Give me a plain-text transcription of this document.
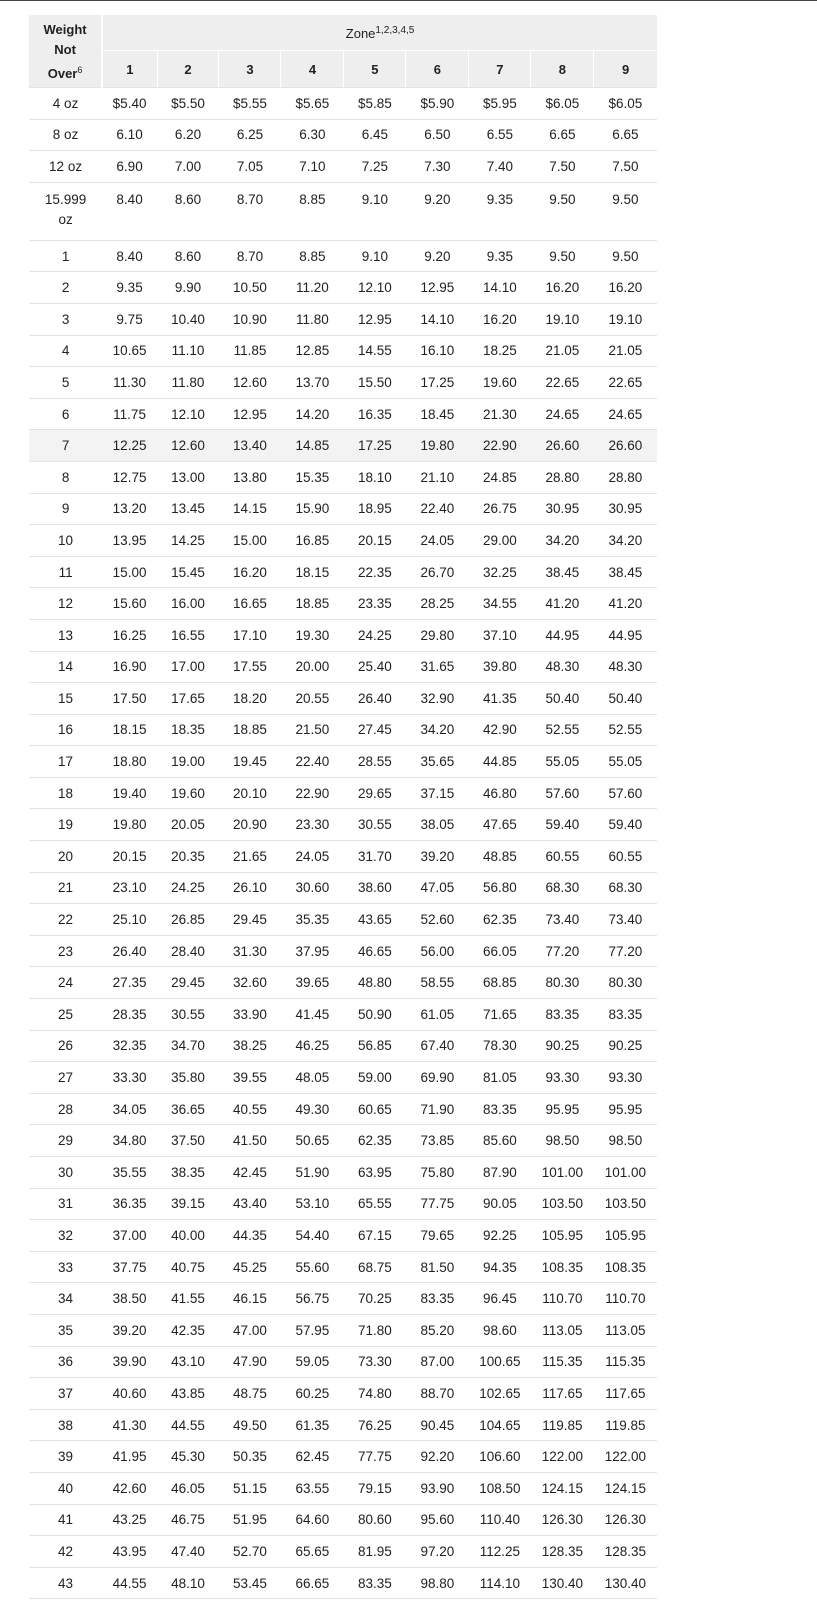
Weight
Not
Over$^6$	Zone$^{1,2,3,4,5}$
	1	2	3	4	5	6	7	8	9
4 oz	$5.40	$5.50	$5.55	$5.65	$5.85	$5.90	$5.95	$6.05	$6.05
8 oz	6.10	6.20	6.25	6.30	6.45	6.50	6.55	6.65	6.65
12 oz	6.90	7.00	7.05	7.10	7.25	7.30	7.40	7.50	7.50
15.999
oz	8.40	8.60	8.70	8.85	9.10	9.20	9.35	9.50	9.50
1	8.40	8.60	8.70	8.85	9.10	9.20	9.35	9.50	9.50
2	9.35	9.90	10.50	11.20	12.10	12.95	14.10	16.20	16.20
3	9.75	10.40	10.90	11.80	12.95	14.10	16.20	19.10	19.10
4	10.65	11.10	11.85	12.85	14.55	16.10	18.25	21.05	21.05
5	11.30	11.80	12.60	13.70	15.50	17.25	19.60	22.65	22.65
6	11.75	12.10	12.95	14.20	16.35	18.45	21.30	24.65	24.65
7	12.25	12.60	13.40	14.85	17.25	19.80	22.90	26.60	26.60
8	12.75	13.00	13.80	15.35	18.10	21.10	24.85	28.80	28.80
9	13.20	13.45	14.15	15.90	18.95	22.40	26.75	30.95	30.95
10	13.95	14.25	15.00	16.85	20.15	24.05	29.00	34.20	34.20
11	15.00	15.45	16.20	18.15	22.35	26.70	32.25	38.45	38.45
12	15.60	16.00	16.65	18.85	23.35	28.25	34.55	41.20	41.20
13	16.25	16.55	17.10	19.30	24.25	29.80	37.10	44.95	44.95
14	16.90	17.00	17.55	20.00	25.40	31.65	39.80	48.30	48.30
15	17.50	17.65	18.20	20.55	26.40	32.90	41.35	50.40	50.40
16	18.15	18.35	18.85	21.50	27.45	34.20	42.90	52.55	52.55
17	18.80	19.00	19.45	22.40	28.55	35.65	44.85	55.05	55.05
18	19.40	19.60	20.10	22.90	29.65	37.15	46.80	57.60	57.60
19	19.80	20.05	20.90	23.30	30.55	38.05	47.65	59.40	59.40
20	20.15	20.35	21.65	24.05	31.70	39.20	48.85	60.55	60.55
21	23.10	24.25	26.10	30.60	38.60	47.05	56.80	68.30	68.30
22	25.10	26.85	29.45	35.35	43.65	52.60	62.35	73.40	73.40
23	26.40	28.40	31.30	37.95	46.65	56.00	66.05	77.20	77.20
24	27.35	29.45	32.60	39.65	48.80	58.55	68.85	80.30	80.30
25	28.35	30.55	33.90	41.45	50.90	61.05	71.65	83.35	83.35
26	32.35	34.70	38.25	46.25	56.85	67.40	78.30	90.25	90.25
27	33.30	35.80	39.55	48.05	59.00	69.90	81.05	93.30	93.30
28	34.05	36.65	40.55	49.30	60.65	71.90	83.35	95.95	95.95
29	34.80	37.50	41.50	50.65	62.35	73.85	85.60	98.50	98.50
30	35.55	38.35	42.45	51.90	63.95	75.80	87.90	101.00	101.00
31	36.35	39.15	43.40	53.10	65.55	77.75	90.05	103.50	103.50
32	37.00	40.00	44.35	54.40	67.15	79.65	92.25	105.95	105.95
33	37.75	40.75	45.25	55.60	68.75	81.50	94.35	108.35	108.35
34	38.50	41.55	46.15	56.75	70.25	83.35	96.45	110.70	110.70
35	39.20	42.35	47.00	57.95	71.80	85.20	98.60	113.05	113.05
36	39.90	43.10	47.90	59.05	73.30	87.00	100.65	115.35	115.35
37	40.60	43.85	48.75	60.25	74.80	88.70	102.65	117.65	117.65
38	41.30	44.55	49.50	61.35	76.25	90.45	104.65	119.85	119.85
39	41.95	45.30	50.35	62.45	77.75	92.20	106.60	122.00	122.00
40	42.60	46.05	51.15	63.55	79.15	93.90	108.50	124.15	124.15
41	43.25	46.75	51.95	64.60	80.60	95.60	110.40	126.30	126.30
42	43.95	47.40	52.70	65.65	81.95	97.20	112.25	128.35	128.35
43	44.55	48.10	53.45	66.65	83.35	98.80	114.10	130.40	130.40
